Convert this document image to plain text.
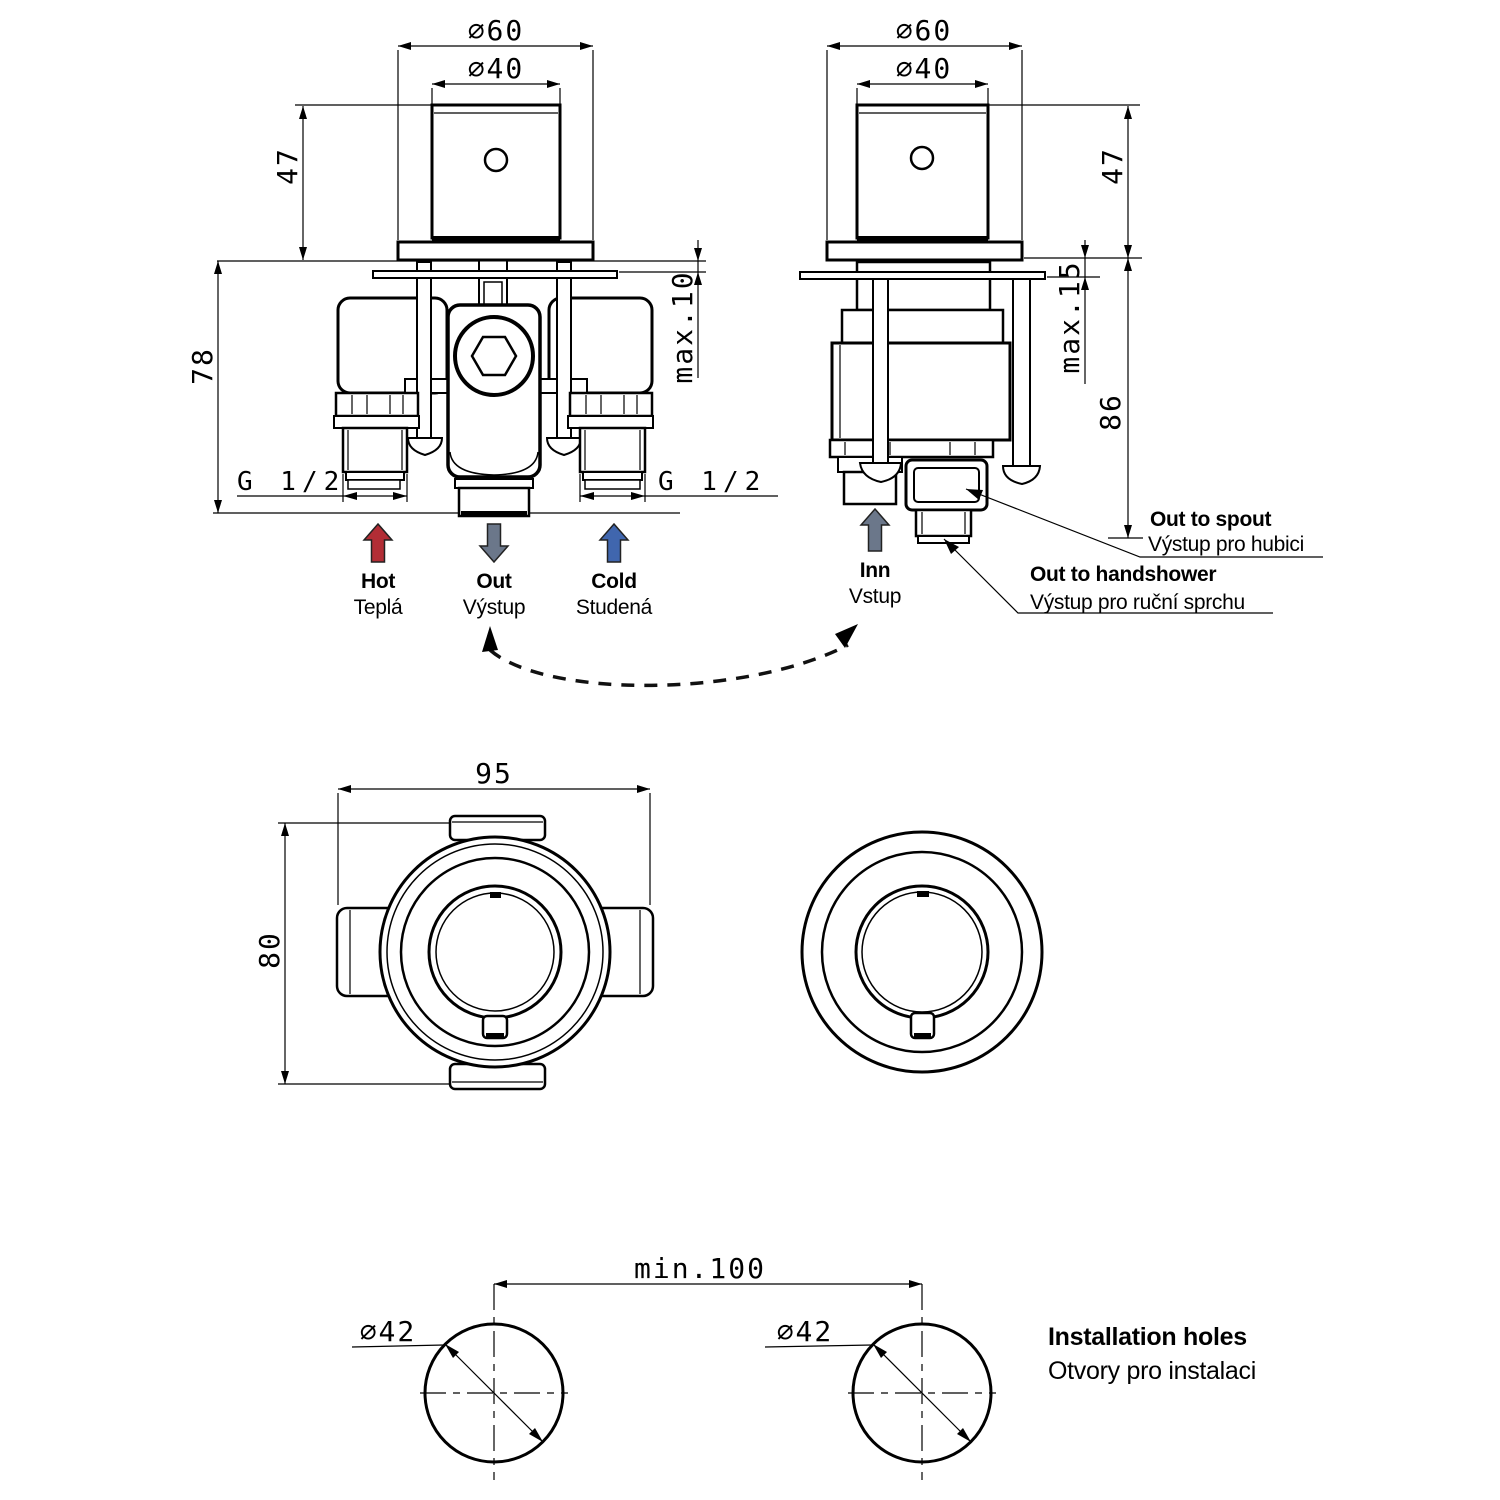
∅60
∅40
47
78	max.10
G 1/2	G 1/2
Hot
Teplá
Out
Výstup
Cold
Studená
∅60
∅40
47
86
max.15
Inn
Vstup
Out to spout
Výstup pro hubici
Out to handshower
Výstup pro ruční sprchu
95
80
min.100
∅42	∅42	Installation holes
Otvory pro instalaci
